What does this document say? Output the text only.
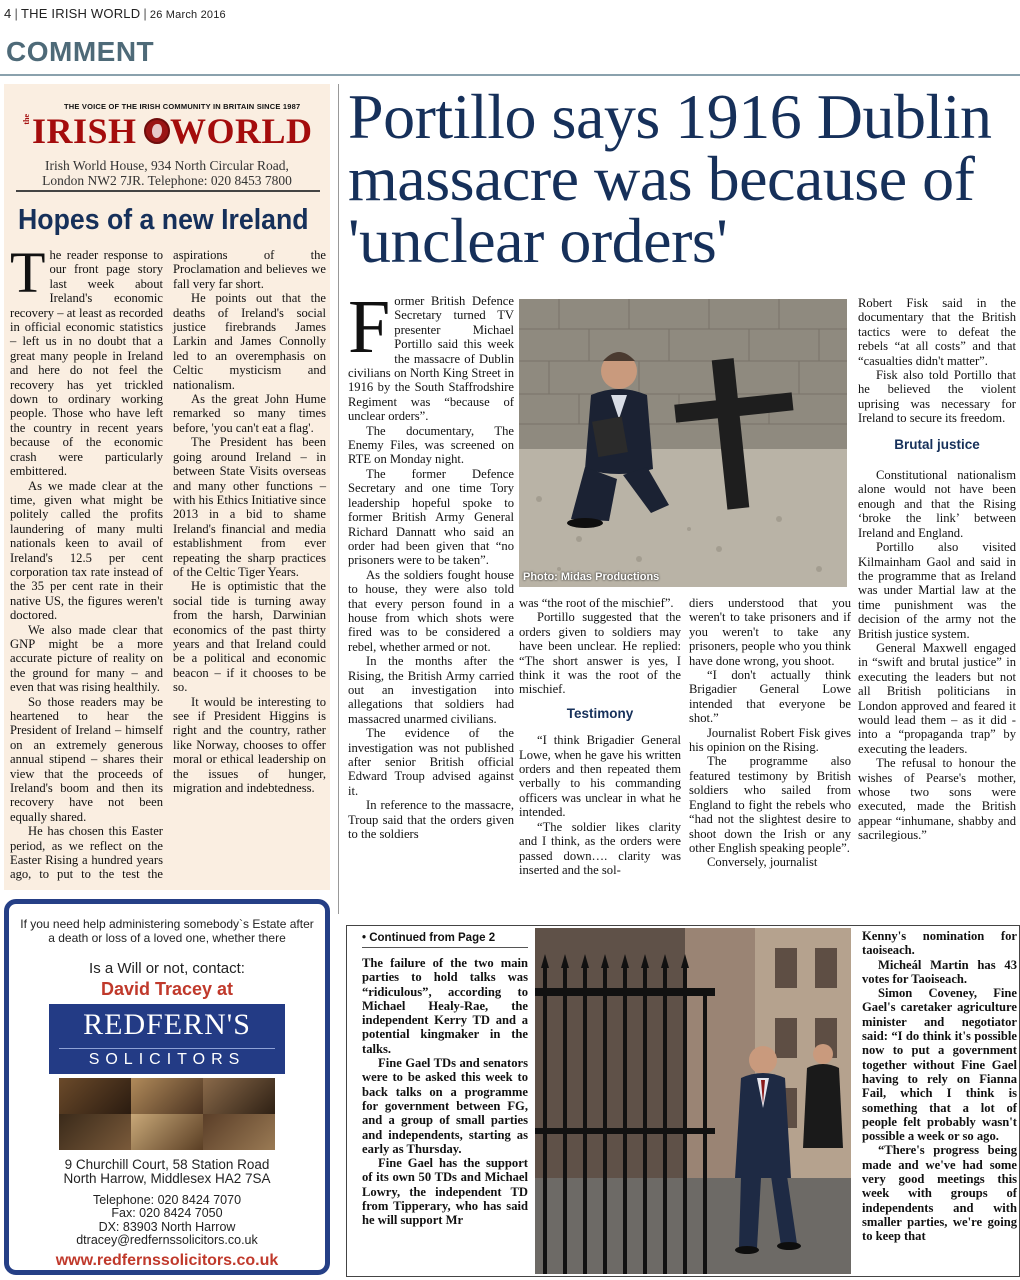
4 | THE IRISH WORLD | 26 March 2016
COMMENT
THE VOICE OF THE IRISH COMMUNITY IN BRITAIN SINCE 1987
the IRISH WORLD
Irish World House, 934 North Circular Road,
London NW2 7JR. Telephone: 020 8453 7800
Hopes of a new Ireland

The reader response to our front page story last week about Ireland's economic recovery – at least as recorded in official economic statistics – left us in no doubt that a great many people in Ireland and here do not feel the recovery has yet trickled down to ordinary working people. Those who have left the country in recent years because of the economic crash were particularly embittered.

As we made clear at the time, given what might be politely called the profits laundering of many multi nationals keen to avail of Ireland's 12.5 per cent corporation tax rate instead of the 35 per cent rate in their native US, the figures weren't doctored.

We also made clear that GNP might be a more accurate picture of reality on the ground for many – and even that was rising healthily.

So those readers may be heartened to hear the President of Ireland – himself on an extremely generous annual stipend – shares their view that the proceeds of Ireland's boom and then its recovery have not been equally shared.

He has chosen this Easter period, as we reflect on the Easter Rising a hundred years ago, to put to the test the aspirations of the Proclamation and believes we fall very far short.

He points out that the deaths of Ireland's social justice firebrands James Larkin and James Connolly led to an overemphasis on Celtic mysticism and nationalism.

As the great John Hume remarked so many times before, 'you can't eat a flag'.

The President has been going around Ireland – in between State Visits overseas and many other functions – with his Ethics Initiative since 2013 in a bid to shame Ireland's financial and media establishment from ever repeating the sharp practices of the Celtic Tiger Years.

He is optimistic that the social tide is turning away from the harsh, Darwinian economics of the past thirty years and that Ireland could be a political and economic beacon – if it chooses to be so.

It would be interesting to see if President Higgins is right and the country, rather like Norway, chooses to offer moral or ethical leadership on the issues of hunger, migration and indebtedness.

If you need help administering somebody`s Estate after a death or loss of a loved one, whether there
Is a Will or not, contact:
David Tracey at
REDFERN'S
SOLICITORS
9 Churchill Court, 58 Station Road
North Harrow, Middlesex HA2 7SA
Telephone: 020 8424 7070
Fax: 020 8424 7050
DX: 83903 North Harrow
dtracey@redfernssolicitors.co.uk
www.redfernssolicitors.co.uk
Portillo says 1916 Dublin massacre was because of 'unclear orders'

Former British Defence Secretary turned TV presenter Michael Portillo said this week the massacre of Dublin civilians on North King Street in 1916 by the South Staffrodshire Regiment was “because of unclear orders”.

The documentary, The Enemy Files, was screened on RTE on Monday night.

The former Defence Secretary and one time Tory leadership hopeful spoke to former British Army General Richard Dannatt who said an order had been given that “no prisoners were to be taken”.

As the soldiers fought house to house, they were also told that every person found in a house from which shots were fired was to be considered a rebel, whether armed or not.

In the months after the Rising, the British Army carried out an investigation into allegations that soldiers had massacred unarmed civilians.

The evidence of the investigation was not published after senior British official Edward Troup advised against it.

In reference to the massacre, Troup said that the orders given to the soldiers

Photo: Midas Productions

was “the root of the mischief”.

Portillo suggested that the orders given to soldiers may have been unclear. He replied: “The short answer is yes, I think it was the root of the mischief.

Testimony

“I think Brigadier General Lowe, when he gave his written orders and then repeated them verbally to his commanding officers was unclear in what he intended.

“The soldier likes clarity and I think, as the orders were passed down…. clarity was inserted and the sol-

diers understood that you weren't to take prisoners and if you weren't to take any prisoners, people who you think have done wrong, you shoot.

“I don't actually think Brigadier General Lowe intended that everyone be shot.”

Journalist Robert Fisk gives his opinion on the Rising.

The programme also featured testimony by British soldiers who sailed from England to fight the rebels who “had not the slightest desire to shoot down the Irish or any other English speaking people”.

Conversely, journalist

Robert Fisk said in the documentary that the British tactics were to defeat the rebels “at all costs” and that “casualties didn't matter”.

Fisk also told Portillo that he believed the violent uprising was necessary for Ireland to secure its freedom.

Brutal justice

Constitutional nationalism alone would not have been enough and that the Rising ‘broke the link’ between Ireland and England.

Portillo also visited Kilmainham Gaol and said in the programme that as Ireland was under Martial law at the time punishment was the decision of the army not the British justice system.

General Maxwell engaged in “swift and brutal justice” in executing the leaders but not all British politicians in London approved and feared it would lead them – as it did - into a “propaganda trap” by executing the leaders.

The refusal to honour the wishes of Pearse's mother, whose two sons were executed, made the British appear “inhumane, shabby and sacrilegious.”

• Continued from Page 2

The failure of the two main parties to hold talks was “ridiculous”, according to Michael Healy-Rae, the independent Kerry TD and a potential kingmaker in the talks.

Fine Gael TDs and senators were to be asked this week to back talks on a programme for government between FG, and a group of small parties and independents, starting as early as Thursday.

Fine Gael has the support of its own 50 TDs and Michael Lowry, the independent TD from Tipperary, who has said he will support Mr

Kenny's nomination for taoiseach.

Micheál Martin has 43 votes for Taoiseach.

Simon Coveney, Fine Gael's caretaker agriculture minister and negotiator said: “I do think it's possible now to put a government together without Fine Gael having to rely on Fianna Fail, which I think is something that a lot of people felt probably wasn't possible a week or so ago.

“There's progress being made and we've had some very good meetings this week with groups of independents and with smaller parties, we're going to keep that
